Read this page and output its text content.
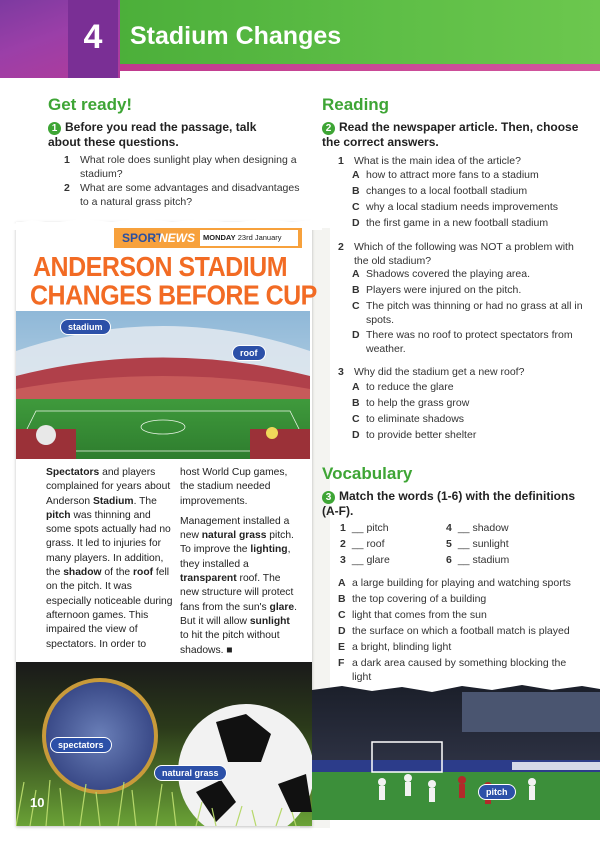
4	Stadium Changes
Get ready!
1 Before you read the passage, talk about these questions.
1 What role does sunlight play when designing a stadium?
2 What are some advantages and disadvantages to a natural grass pitch?
SPORT
NEWS	MONDAY 23rd January
ANDERSON STADIUM
CHANGES BEFORE CUP
stadium
roof
Spectators and players complained for years about Anderson Stadium. The pitch was thinning and some spots actually had no grass. It led to injuries for many players. In addition, the shadow of the roof fell on the pitch. It was especially noticeable during afternoon games. This impaired the view of spectators. In order to
host World Cup games, the stadium needed improvements.
Management installed a new natural grass pitch. To improve the lighting, they installed a transparent roof. The new structure will protect fans from the sun's glare. But it will allow sunlight to hit the pitch without shadows. ■
spectators
natural grass
10
Reading
2 Read the newspaper article. Then, choose the correct answers.
1 What is the main idea of the article?
A how to attract more fans to a stadium
B changes to a local football stadium
C why a local stadium needs improvements
D the first game in a new football stadium
2 Which of the following was NOT a problem with the old stadium?
A Shadows covered the playing area.
B Players were injured on the pitch.
C The pitch was thinning or had no grass at all in spots.
D There was no roof to protect spectators from weather.
3 Why did the stadium get a new roof?
A to reduce the glare
B to help the grass grow
C to eliminate shadows
D to provide better shelter
Vocabulary
3 Match the words (1-6) with the definitions (A-F).
1 __ pitch
2 __ roof
3 __ glare
4 __ shadow
5 __ sunlight
6 __ stadium
A a large building for playing and watching sports
B the top covering of a building
C light that comes from the sun
D the surface on which a football match is played
E a bright, blinding light
F a dark area caused by something blocking the light
pitch
